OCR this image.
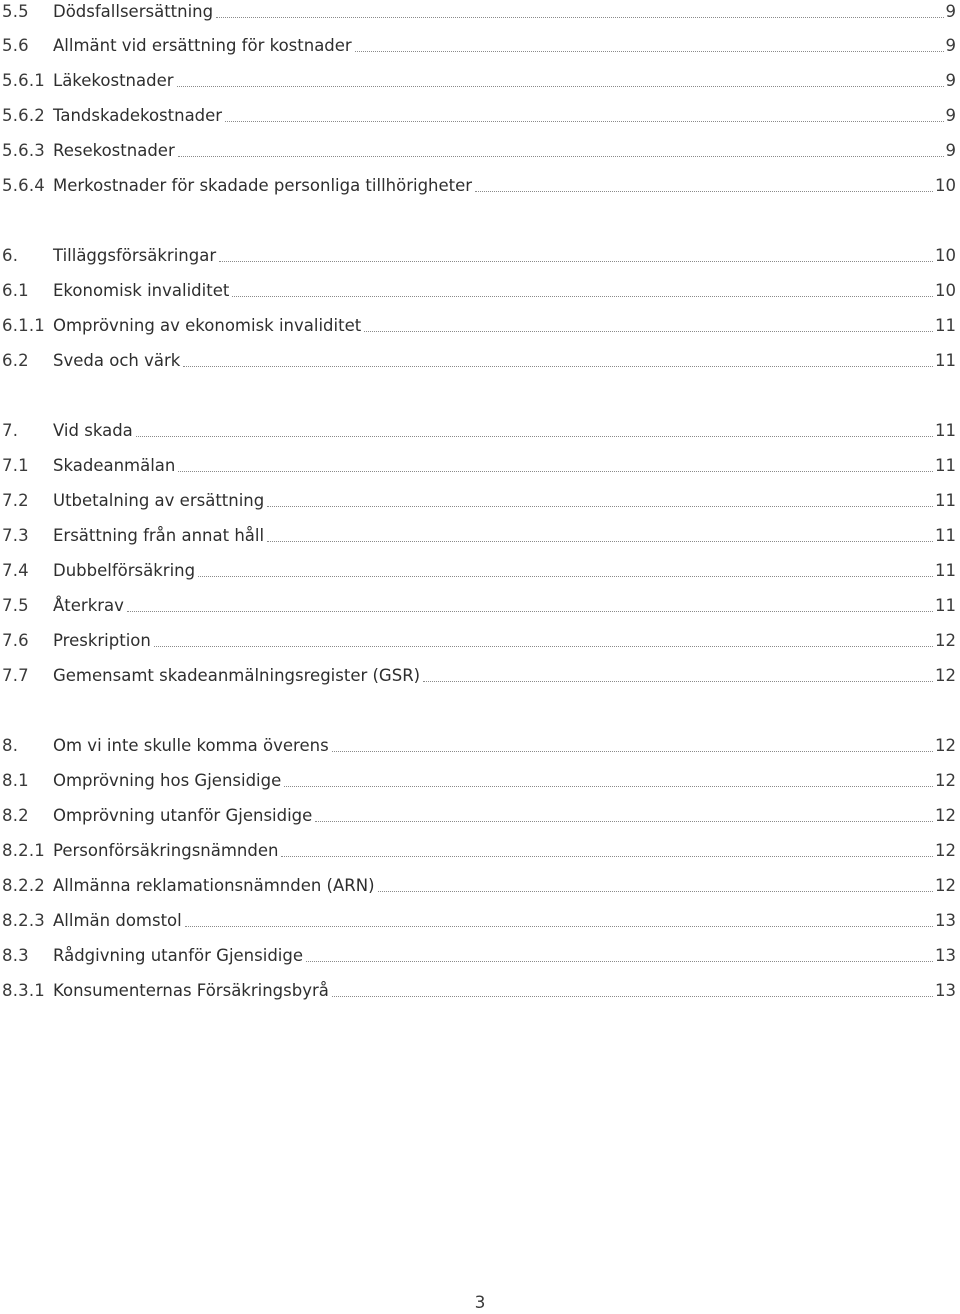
5.5	Dödsfallsersättning	9
5.6	Allmänt vid ersättning för kostnader	9
5.6.1 Läkekostnader	9
5.6.2 Tandskadekostnader	9
5.6.3 Resekostnader	9
5.6.4 Merkostnader för skadade personliga tillhörigheter	10
6.	Tilläggsförsäkringar	10
6.1	Ekonomisk invaliditet	10
6.1.1 Omprövning av ekonomisk invaliditet	11
6.2	Sveda och värk	11
7.	Vid skada	11
7.1	Skadeanmälan	11
7.2	Utbetalning av ersättning	11
7.3	Ersättning från annat håll	11
7.4	Dubbelförsäkring	11
7.5	Återkrav	11
7.6	Preskription	12
7.7	Gemensamt skadeanmälningsregister (GSR)	12
8.	Om vi inte skulle komma överens	12
8.1	Omprövning hos Gjensidige	12
8.2	Omprövning utanför Gjensidige	12
8.2.1 Personförsäkringsnämnden	12
8.2.2 Allmänna reklamationsnämnden (ARN)	12
8.2.3 Allmän domstol	13
8.3	Rådgivning utanför Gjensidige	13
8.3.1 Konsumenternas Försäkringsbyrå	13
3
